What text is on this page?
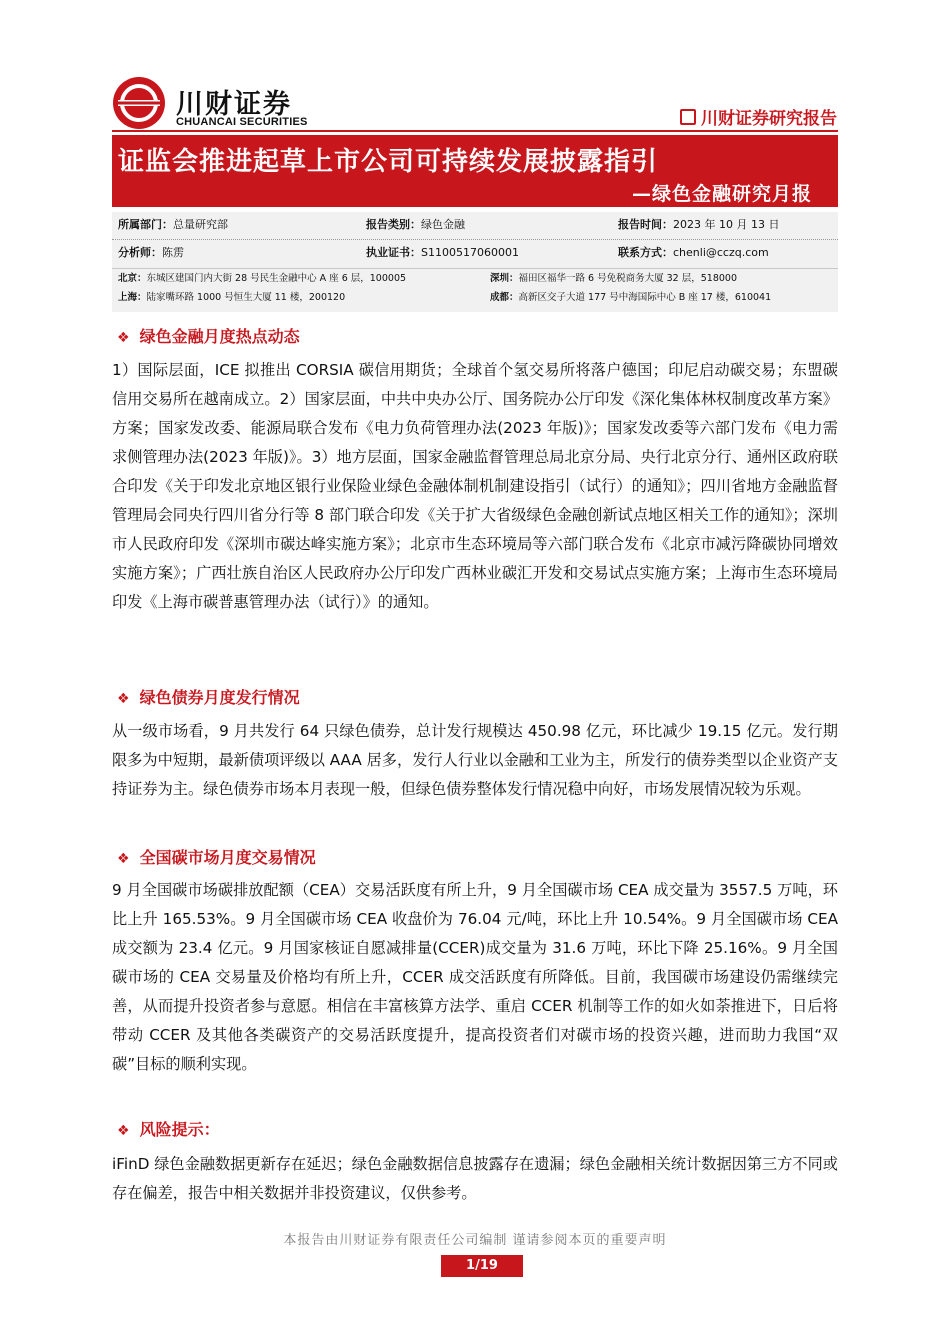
川财证券
CHUANCAI SECURITIES	川财证券研究报告
证监会推进起草上市公司可持续发展披露指引
—绿色金融研究月报
所属部门：总量研究部	报告类别：绿色金融	报告时间：2023 年 10 月 13 日
分析师：陈雳	执业证书：S1100517060001	联系方式：chenli@cczq.com
北京：东城区建国门内大街 28 号民生金融中心 A 座 6 层，100005	深圳：福田区福华一路 6 号免税商务大厦 32 层，518000
上海：陆家嘴环路 1000 号恒生大厦 11 楼，200120	成都：高新区交子大道 177 号中海国际中心 B 座 17 楼，610041
❖ 绿色金融月度热点动态

1）国际层面，ICE 拟推出 CORSIA 碳信用期货；全球首个氢交易所将落户德国；印尼启动碳交易；东盟碳信用交易所在越南成立。2）国家层面，中共中央办公厅、国务院办公厅印发《深化集体林权制度改革方案》方案；国家发改委、能源局联合发布《电力负荷管理办法(2023 年版)》；国家发改委等六部门发布《电力需求侧管理办法(2023 年版)》。3）地方层面，国家金融监督管理总局北京分局、央行北京分行、通州区政府联合印发《关于印发北京地区银行业保险业绿色金融体制机制建设指引（试行）的通知》；四川省地方金融监督管理局会同央行四川省分行等 8 部门联合印发《关于扩大省级绿色金融创新试点地区相关工作的通知》；深圳市人民政府印发《深圳市碳达峰实施方案》；北京市生态环境局等六部门联合发布《北京市减污降碳协同增效实施方案》；广西壮族自治区人民政府办公厅印发广西林业碳汇开发和交易试点实施方案；上海市生态环境局印发《上海市碳普惠管理办法（试行）》的通知。

❖ 绿色债券月度发行情况

从一级市场看，9 月共发行 64 只绿色债券，总计发行规模达 450.98 亿元，环比减少 19.15 亿元。发行期限多为中短期，最新债项评级以 AAA 居多，发行人行业以金融和工业为主，所发行的债券类型以企业资产支持证券为主。绿色债券市场本月表现一般，但绿色债券整体发行情况稳中向好，市场发展情况较为乐观。

❖ 全国碳市场月度交易情况

9 月全国碳市场碳排放配额（CEA）交易活跃度有所上升，9 月全国碳市场 CEA 成交量为 3557.5 万吨，环比上升 165.53%。9 月全国碳市场 CEA 收盘价为 76.04 元/吨，环比上升 10.54%。9 月全国碳市场 CEA 成交额为 23.4 亿元。9 月国家核证自愿减排量(CCER)成交量为 31.6 万吨，环比下降 25.16%。9 月全国碳市场的 CEA 交易量及价格均有所上升，CCER 成交活跃度有所降低。目前，我国碳市场建设仍需继续完善，从而提升投资者参与意愿。相信在丰富核算方法学、重启 CCER 机制等工作的如火如荼推进下，日后将带动 CCER 及其他各类碳资产的交易活跃度提升，提高投资者们对碳市场的投资兴趣，进而助力我国“双碳”目标的顺利实现。

❖ 风险提示：

iFinD 绿色金融数据更新存在延迟；绿色金融数据信息披露存在遗漏；绿色金融相关统计数据因第三方不同或存在偏差，报告中相关数据并非投资建议，仅供参考。

本报告由川财证券有限责任公司编制 谨请参阅本页的重要声明
1/19
